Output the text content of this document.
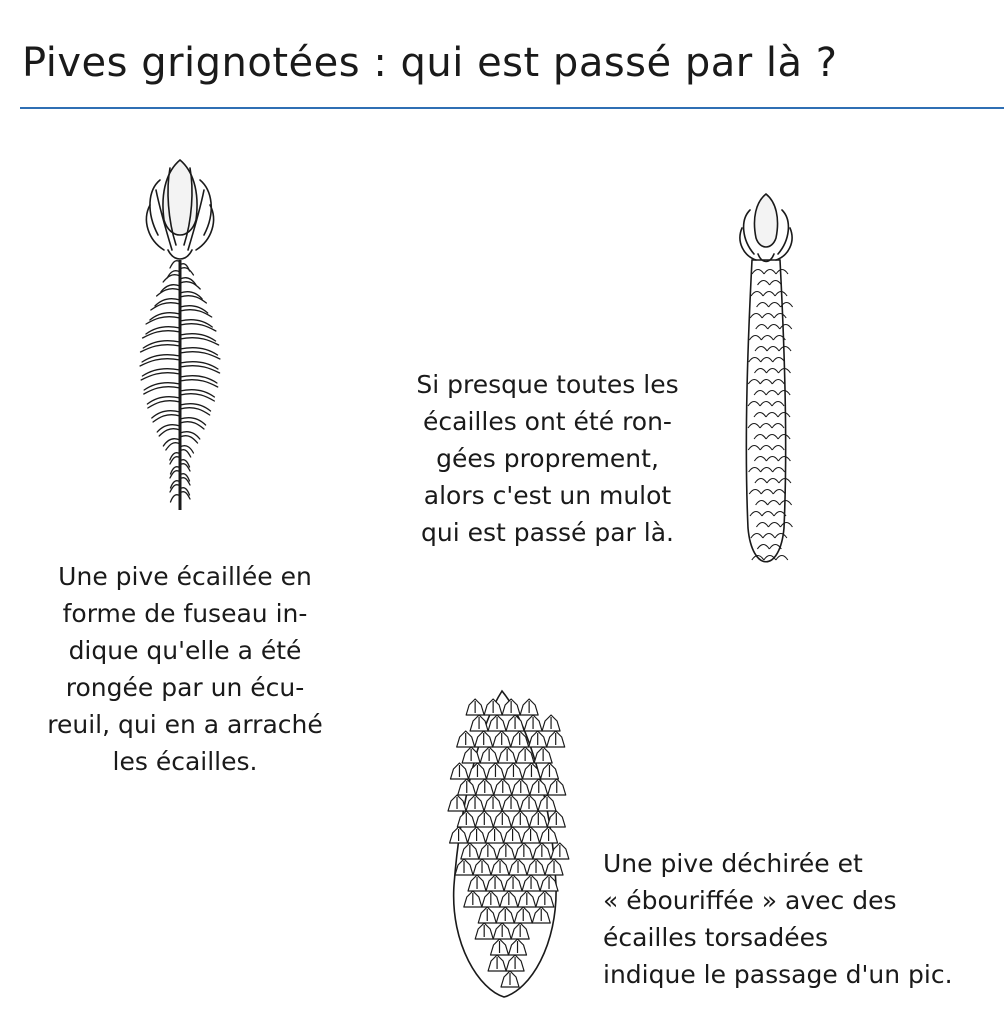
Pives grignotées : qui est passé par là ?

Une pive écaillée en
forme de fuseau in-
dique qu'elle a été
rongée par un écu-
reuil, qui en a arraché
les écailles.

Si presque toutes les
écailles ont été ron-
gées proprement,
alors c'est un mulot
qui est passé par là.

Une pive déchirée et
« ébouriffée » avec des
écailles torsadées
indique le passage d'un pic.
